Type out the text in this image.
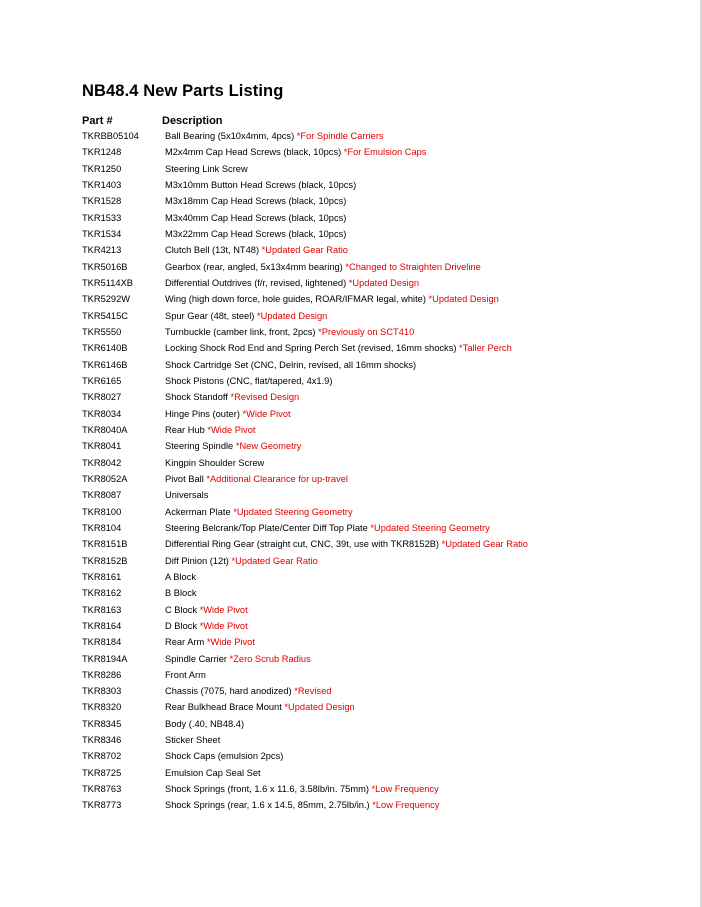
NB48.4 New Parts Listing
Part #	Description
TKRBB05104	Ball Bearing (5x10x4mm, 4pcs) *For Spindle Carriers
TKR1248	M2x4mm Cap Head Screws (black, 10pcs) *For Emulsion Caps
TKR1250	Steering Link Screw
TKR1403	M3x10mm Button Head Screws (black, 10pcs)
TKR1528	M3x18mm Cap Head Screws (black, 10pcs)
TKR1533	M3x40mm Cap Head Screws (black, 10pcs)
TKR1534	M3x22mm Cap Head Screws (black, 10pcs)
TKR4213	Clutch Bell (13t, NT48) *Updated Gear Ratio
TKR5016B	Gearbox (rear, angled, 5x13x4mm bearing) *Changed to Straighten Driveline
TKR5114XB	Differential Outdrives (f/r, revised, lightened) *Updated Design
TKR5292W	Wing (high down force, hole guides, ROAR/IFMAR legal, white) *Updated Design
TKR5415C	Spur Gear (48t, steel) *Updated Design
TKR5550	Turnbuckle (camber link, front, 2pcs) *Previously on SCT410
TKR6140B	Locking Shock Rod End and Spring Perch Set (revised, 16mm shocks) *Taller Perch
TKR6146B	Shock Cartridge Set (CNC, Delrin, revised, all 16mm shocks)
TKR6165	Shock Pistons (CNC, flat/tapered, 4x1.9)
TKR8027	Shock Standoff *Revised Design
TKR8034	Hinge Pins (outer) *Wide Pivot
TKR8040A	Rear Hub *Wide Pivot
TKR8041	Steering Spindle *New Geometry
TKR8042	Kingpin Shoulder Screw
TKR8052A	Pivot Ball *Additional Clearance for up-travel
TKR8087	Universals
TKR8100	Ackerman Plate *Updated Steering Geometry
TKR8104	Steering Belcrank/Top Plate/Center Diff Top Plate *Updated Steering Geometry
TKR8151B	Differential Ring Gear (straight cut, CNC, 39t, use with TKR8152B) *Updated Gear Ratio
TKR8152B	Diff Pinion (12t) *Updated Gear Ratio
TKR8161	A Block
TKR8162	B Block
TKR8163	C Block *Wide Pivot
TKR8164	D Block *Wide Pivot
TKR8184	Rear Arm *Wide Pivot
TKR8194A	Spindle Carrier *Zero Scrub Radius
TKR8286	Front Arm
TKR8303	Chassis (7075, hard anodized) *Revised
TKR8320	Rear Bulkhead Brace Mount *Updated Design
TKR8345	Body (.40, NB48.4)
TKR8346	Sticker Sheet
TKR8702	Shock Caps (emulsion 2pcs)
TKR8725	Emulsion Cap Seal Set
TKR8763	Shock Springs (front, 1.6 x 11.6, 3.58lb/in. 75mm) *Low Frequency
TKR8773	Shock Springs (rear, 1.6 x 14.5, 85mm, 2.75lb/in.) *Low Frequency
